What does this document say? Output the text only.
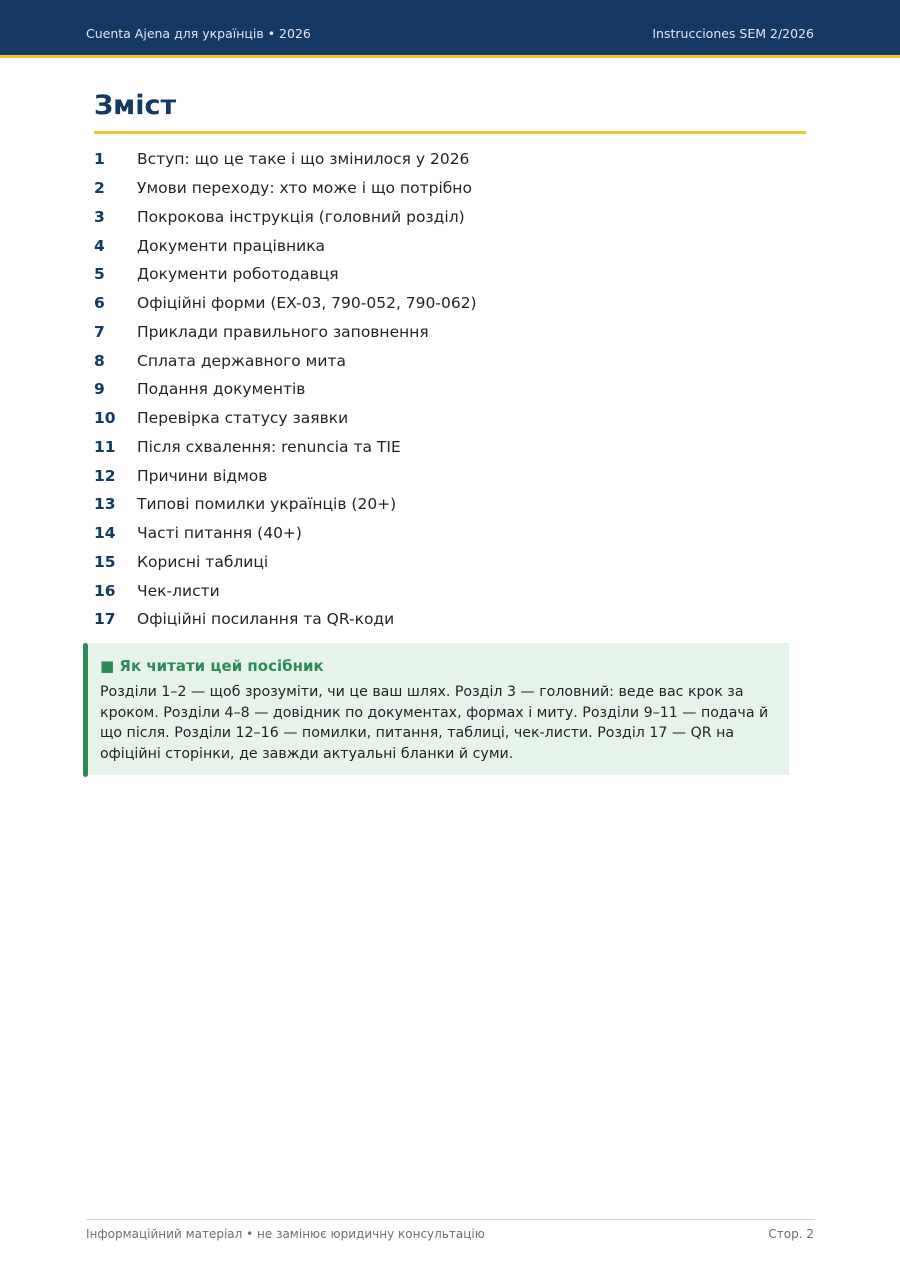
Cuenta Ajena для українців • 2026	Instrucciones SEM 2/2026
Зміст
1	Вступ: що це таке і що змінилося у 2026
2	Умови переходу: хто може і що потрібно
3	Покрокова інструкція (головний розділ)
4	Документи працівника
5	Документи роботодавця
6	Офіційні форми (EX-03, 790-052, 790-062)
7	Приклади правильного заповнення
8	Сплата державного мита
9	Подання документів
10	Перевірка статусу заявки
11	Після схвалення: renuncia та TIE
12	Причини відмов
13	Типові помилки українців (20+)
14	Часті питання (40+)
15	Корисні таблиці
16	Чек-листи
17	Офіційні посилання та QR-коди
■ Як читати цей посібник
Розділи 1–2 — щоб зрозуміти, чи це ваш шлях. Розділ 3 — головний: веде вас крок за кроком. Розділи 4–8 — довідник по документах, формах і миту. Розділи 9–11 — подача й що після. Розділи 12–16 — помилки, питання, таблиці, чек-листи. Розділ 17 — QR на офіційні сторінки, де завжди актуальні бланки й суми.
Інформаційний матеріал • не замінює юридичну консультацію	Стор. 2
